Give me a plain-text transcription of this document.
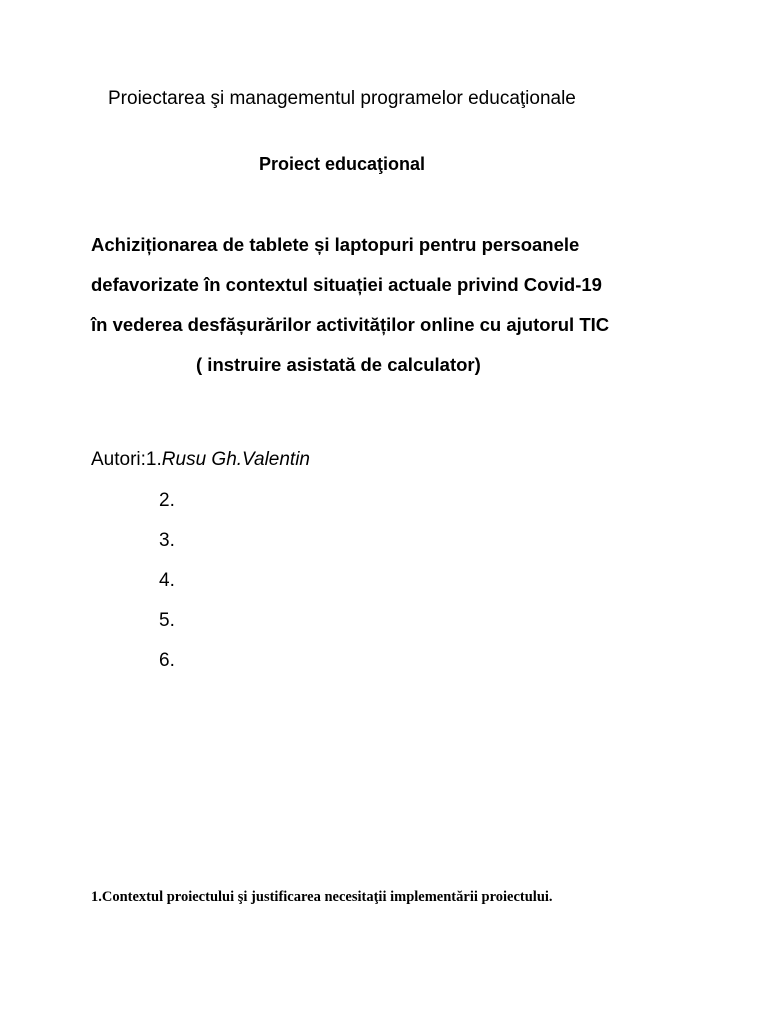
Proiectarea şi managementul programelor educaţionale

Proiect educaţional

Achiziționarea de tablete și laptopuri pentru persoanele

defavorizate în contextul situației actuale privind Covid-19

în vederea desfășurărilor activităților online cu ajutorul TIC

( instruire asistată de calculator)

Autori:1.Rusu Gh.Valentin

2.

3.

4.

5.

6.

1.Contextul proiectului şi justificarea necesitaţii implementării proiectului.
